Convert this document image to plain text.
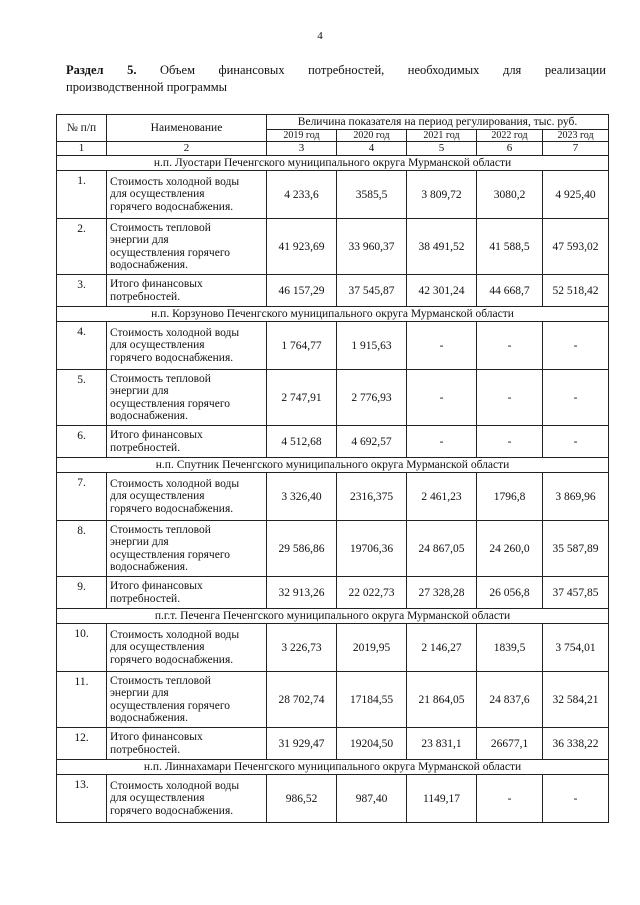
4
Раздел 5. Объем финансовых потребностей, необходимых для реализации
производственной программы
№ п/п	Наименование	Величина показателя на период регулирования, тыс. руб.				
		2019 год	2020 год	2021 год	2022 год	2023 год
1	2	3	4	5	6	7
н.п. Луостари Печенгского муниципального округа Мурманской области						
1.	Стоимость холодной воды
для осуществления
горячего водоснабжения.	4 233,6	3585,5	3 809,72	3080,2	4 925,40
2.	Стоимость тепловой
энергии для
осуществления горячего
водоснабжения.	41 923,69	33 960,37	38 491,52	41 588,5	47 593,02
3.	Итого финансовых
потребностей.	46 157,29	37 545,87	42 301,24	44 668,7	52 518,42
н.п. Корзуново Печенгского муниципального округа Мурманской области						
4.	Стоимость холодной воды
для осуществления
горячего водоснабжения.	1 764,77	1 915,63	-	-	-
5.	Стоимость тепловой
энергии для
осуществления горячего
водоснабжения.	2 747,91	2 776,93	-	-	-
6.	Итого финансовых
потребностей.	4 512,68	4 692,57	-	-	-
н.п. Спутник Печенгского муниципального округа Мурманской области						
7.	Стоимость холодной воды
для осуществления
горячего водоснабжения.	3 326,40	2316,375	2 461,23	1796,8	3 869,96
8.	Стоимость тепловой
энергии для
осуществления горячего
водоснабжения.	29 586,86	19706,36	24 867,05	24 260,0	35 587,89
9.	Итого финансовых
потребностей.	32 913,26	22 022,73	27 328,28	26 056,8	37 457,85
п.г.т. Печенга Печенгского муниципального округа Мурманской области						
10.	Стоимость холодной воды
для осуществления
горячего водоснабжения.	3 226,73	2019,95	2 146,27	1839,5	3 754,01
11.	Стоимость тепловой
энергии для
осуществления горячего
водоснабжения.	28 702,74	17184,55	21 864,05	24 837,6	32 584,21
12.	Итого финансовых
потребностей.	31 929,47	19204,50	23 831,1	26677,1	36 338,22
н.п. Линнахамари Печенгского муниципального округа Мурманской области						
13.	Стоимость холодной воды
для осуществления
горячего водоснабжения.	986,52	987,40	1149,17	-	-
